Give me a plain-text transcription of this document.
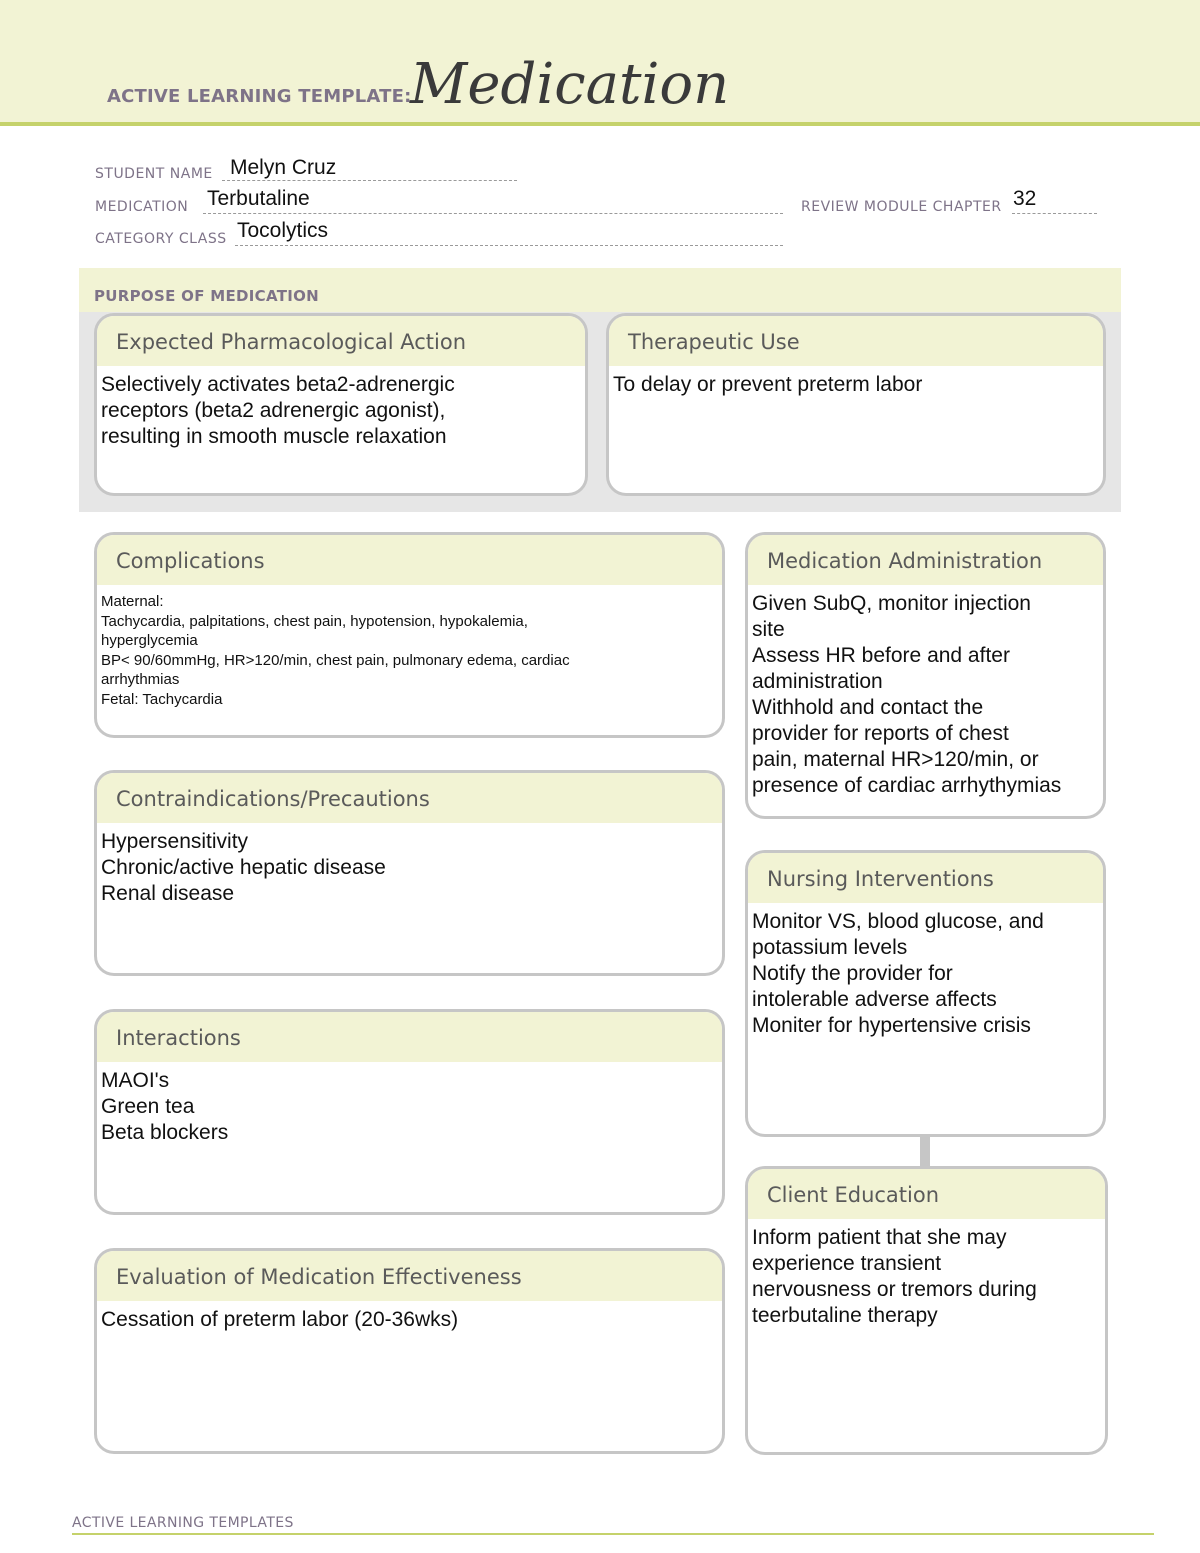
ACTIVE LEARNING TEMPLATE:
Medication
STUDENT NAME Melyn Cruz
MEDICATION Terbutaline	REVIEW MODULE CHAPTER 32
CATEGORY CLASS Tocolytics
PURPOSE OF MEDICATION
Expected Pharmacological Action
Selectively activates beta2-adrenergic
receptors (beta2 adrenergic agonist),
resulting in smooth muscle relaxation
Therapeutic Use
To delay or prevent preterm labor
Complications
Maternal:
Tachycardia, palpitations, chest pain, hypotension, hypokalemia,
hyperglycemia
BP< 90/60mmHg, HR>120/min, chest pain, pulmonary edema, cardiac
arrhythmias
Fetal: Tachycardia
Contraindications/Precautions
Hypersensitivity
Chronic/active hepatic disease
Renal disease
Interactions
MAOI's
Green tea
Beta blockers
Evaluation of Medication Effectiveness
Cessation of preterm labor (20-36wks)
Medication Administration
Given SubQ, monitor injection
site
Assess HR before and after
administration
Withhold and contact the
provider for reports of chest
pain, maternal HR>120/min, or
presence of cardiac arrhythymias
Nursing Interventions
Monitor VS, blood glucose, and
potassium levels
Notify the provider for
intolerable adverse affects
Moniter for hypertensive crisis
Client Education
Inform patient that she may
experience transient
nervousness or tremors during
teerbutaline therapy
ACTIVE LEARNING TEMPLATES
